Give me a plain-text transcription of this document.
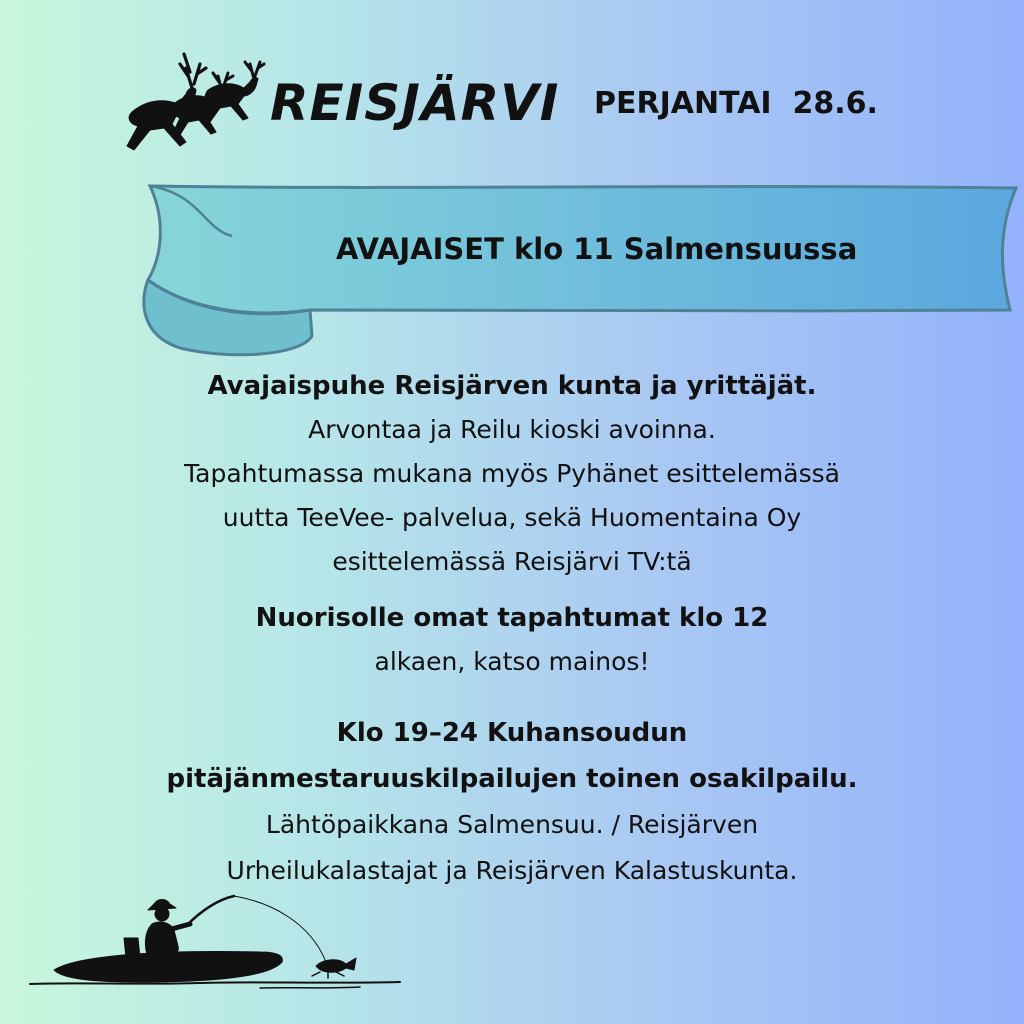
REISJÄRVI PERJANTAI  28.6.
AVAJAISET klo 11 Salmensuussa
Avajaispuhe Reisjärven kunta ja yrittäjät.
Arvontaa ja Reilu kioski avoinna.
Tapahtumassa mukana myös Pyhänet esittelemässä
uutta TeeVee- palvelua, sekä Huomentaina Oy
esittelemässä Reisjärvi TV:tä
Nuorisolle omat tapahtumat klo 12
alkaen, katso mainos!
Klo 19–24 Kuhansoudun
pitäjänmestaruuskilpailujen toinen osakilpailu.
Lähtöpaikkana Salmensuu. / Reisjärven
Urheilukalastajat ja Reisjärven Kalastuskunta.
